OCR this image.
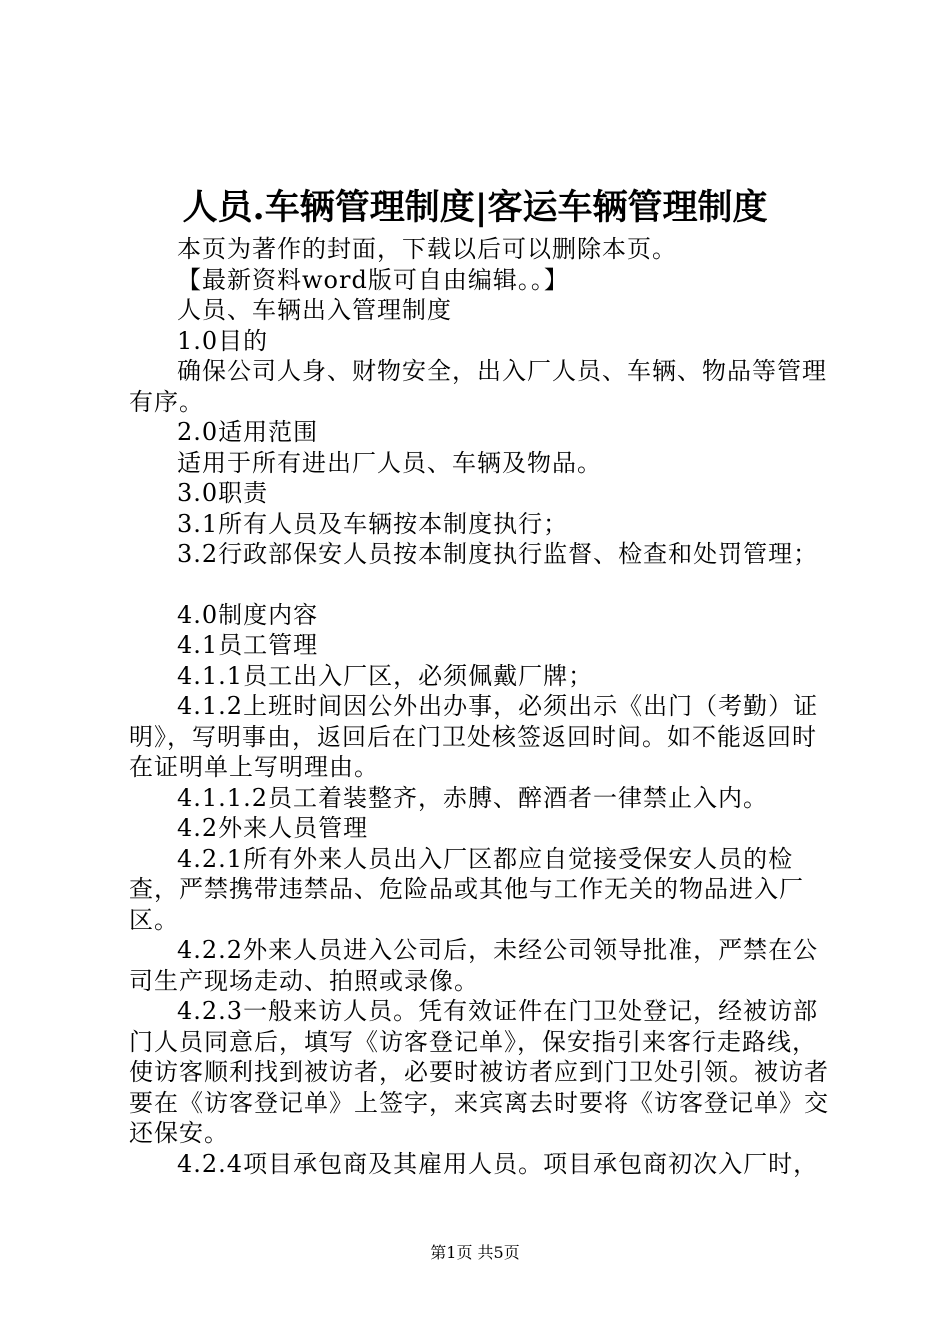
人员.车辆管理制度|客运车辆管理制度

本页为著作的封面，下载以后可以删除本页。

【最新资料word版可自由编辑。。】

人员、车辆出入管理制度

1.0目的

确保公司人身、财物安全，出入厂人员、车辆、物品等管理有序。

2.0适用范围

适用于所有进出厂人员、车辆及物品。

3.0职责

3.1所有人员及车辆按本制度执行；

3.2行政部保安人员按本制度执行监督、检查和处罚管理；

4.0制度内容

4.1员工管理

4.1.1员工出入厂区，必须佩戴厂牌；

4.1.2上班时间因公外出办事，必须出示《出门（考勤）证明》，写明事由，返回后在门卫处核签返回时间。如不能返回时在证明单上写明理由。

4.1.1.2员工着装整齐，赤膊、醉酒者一律禁止入内。

4.2外来人员管理

4.2.1所有外来人员出入厂区都应自觉接受保安人员的检查，严禁携带违禁品、危险品或其他与工作无关的物品进入厂区。

4.2.2外来人员进入公司后，未经公司领导批准，严禁在公司生产现场走动、拍照或录像。

4.2.3一般来访人员。凭有效证件在门卫处登记，经被访部门人员同意后，填写《访客登记单》，保安指引来客行走路线，使访客顺利找到被访者，必要时被访者应到门卫处引领。被访者要在《访客登记单》上签字，来宾离去时要将《访客登记单》交还保安。

4.2.4项目承包商及其雇用人员。项目承包商初次入厂时，

第1页 共5页
